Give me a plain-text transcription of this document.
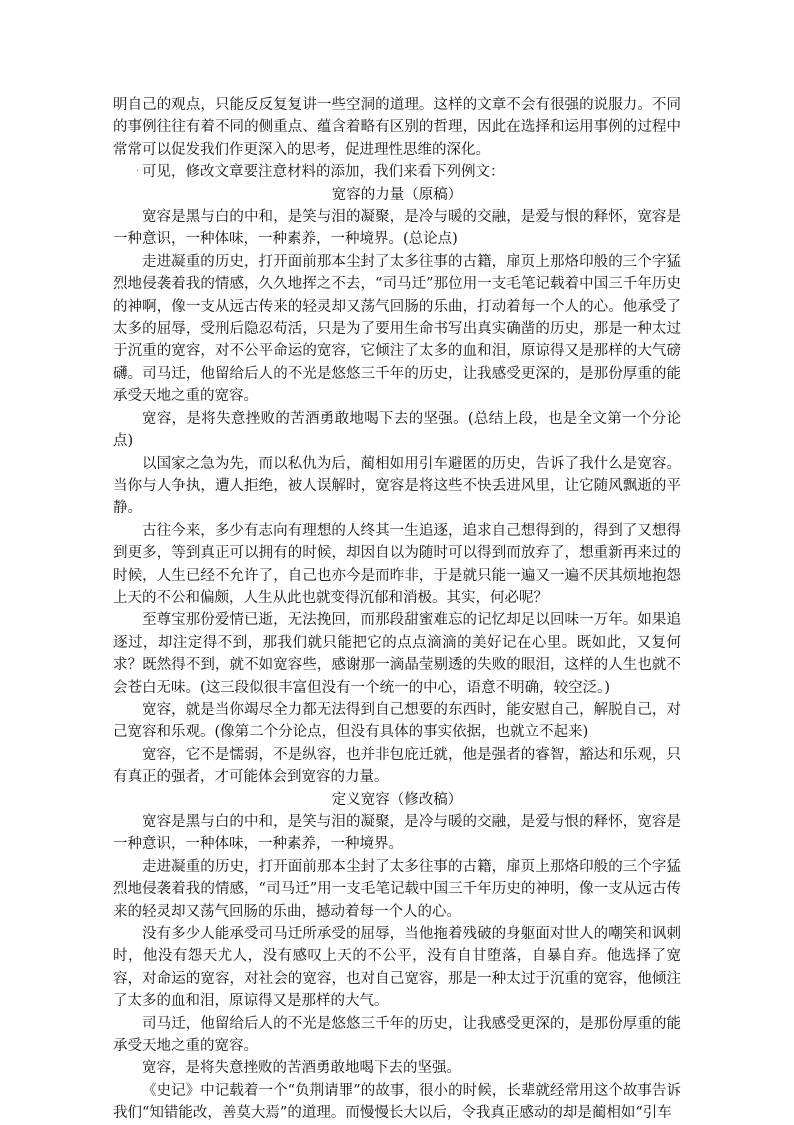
明自己的观点，只能反反复复讲一些空洞的道理。这样的文章不会有很强的说服力。不同的事例往往有着不同的侧重点、蕴含着略有区别的哲理，因此在选择和运用事例的过程中常常可以促发我们作更深入的思考，促进理性思维的深化。

· 可见，修改文章要注意材料的添加，我们来看下列例文：

宽容的力量（原稿）

宽容是黑与白的中和，是笑与泪的凝聚，是冷与暖的交融，是爱与恨的释怀，宽容是一种意识，一种体味，一种素养，一种境界。(总论点)

走进凝重的历史，打开面前那本尘封了太多往事的古籍，扉页上那烙印般的三个字猛烈地侵袭着我的情感，久久地挥之不去，“司马迁”那位用一支毛笔记载着中国三千年历史的神啊，像一支从远古传来的轻灵却又荡气回肠的乐曲，打动着每一个人的心。他承受了太多的屈辱，受刑后隐忍苟活，只是为了要用生命书写出真实确凿的历史，那是一种太过于沉重的宽容，对不公平命运的宽容，它倾注了太多的血和泪，原谅得又是那样的大气磅礴。司马迁，他留给后人的不光是悠悠三千年的历史，让我感受更深的，是那份厚重的能承受天地之重的宽容。

宽容，是将失意挫败的苦酒勇敢地喝下去的坚强。(总结上段，也是全文第一个分论点)

以国家之急为先，而以私仇为后，蔺相如用引车避匿的历史，告诉了我什么是宽容。当你与人争执，遭人拒绝，被人误解时，宽容是将这些不快丢进风里，让它随风飘逝的平静。

古往今来，多少有志向有理想的人终其一生追逐，追求自己想得到的，得到了又想得到更多，等到真正可以拥有的时候，却因自以为随时可以得到而放弃了，想重新再来过的时候，人生已经不允许了，自己也亦今是而昨非，于是就只能一遍又一遍不厌其烦地抱怨上天的不公和偏颇，人生从此也就变得沉郁和消极。其实，何必呢？

至尊宝那份爱情已逝，无法挽回，而那段甜蜜难忘的记忆却足以回味一万年。如果追逐过，却注定得不到，那我们就只能把它的点点滴滴的美好记在心里。既如此，又复何求？既然得不到，就不如宽容些，感谢那一滴晶莹剔透的失败的眼泪，这样的人生也就不会苍白无味。(这三段似很丰富但没有一个统一的中心，语意不明确，较空泛。)

宽容，就是当你竭尽全力都无法得到自己想要的东西时，能安慰自己，解脱自己，对己宽容和乐观。(像第二个分论点，但没有具体的事实依据，也就立不起来)

宽容，它不是懦弱，不是纵容，也并非包庇迁就，他是强者的睿智，豁达和乐观，只有真正的强者，才可能体会到宽容的力量。

定义宽容（修改稿）

宽容是黑与白的中和，是笑与泪的凝聚，是冷与暖的交融，是爱与恨的释怀，宽容是一种意识，一种体味，一种素养，一种境界。

走进凝重的历史，打开面前那本尘封了太多往事的古籍，扉页上那烙印般的三个字猛烈地侵袭着我的情感，“司马迁”用一支毛笔记载中国三千年历史的神明，像一支从远古传来的轻灵却又荡气回肠的乐曲，撼动着每一个人的心。

没有多少人能承受司马迁所承受的屈辱，当他拖着残破的身躯面对世人的嘲笑和讽刺时，他没有怨天尤人，没有感叹上天的不公平，没有自甘堕落，自暴自弃。他选择了宽容，对命运的宽容，对社会的宽容，也对自己宽容，那是一种太过于沉重的宽容，他倾注了太多的血和泪，原谅得又是那样的大气。

司马迁，他留给后人的不光是悠悠三千年的历史，让我感受更深的，是那份厚重的能承受天地之重的宽容。

宽容，是将失意挫败的苦酒勇敢地喝下去的坚强。

《史记》中记载着一个“负荆请罪”的故事，很小的时候，长辈就经常用这个故事告诉我们“知错能改，善莫大焉”的道理。而慢慢长大以后，令我真正感动的却是蔺相如“引车
